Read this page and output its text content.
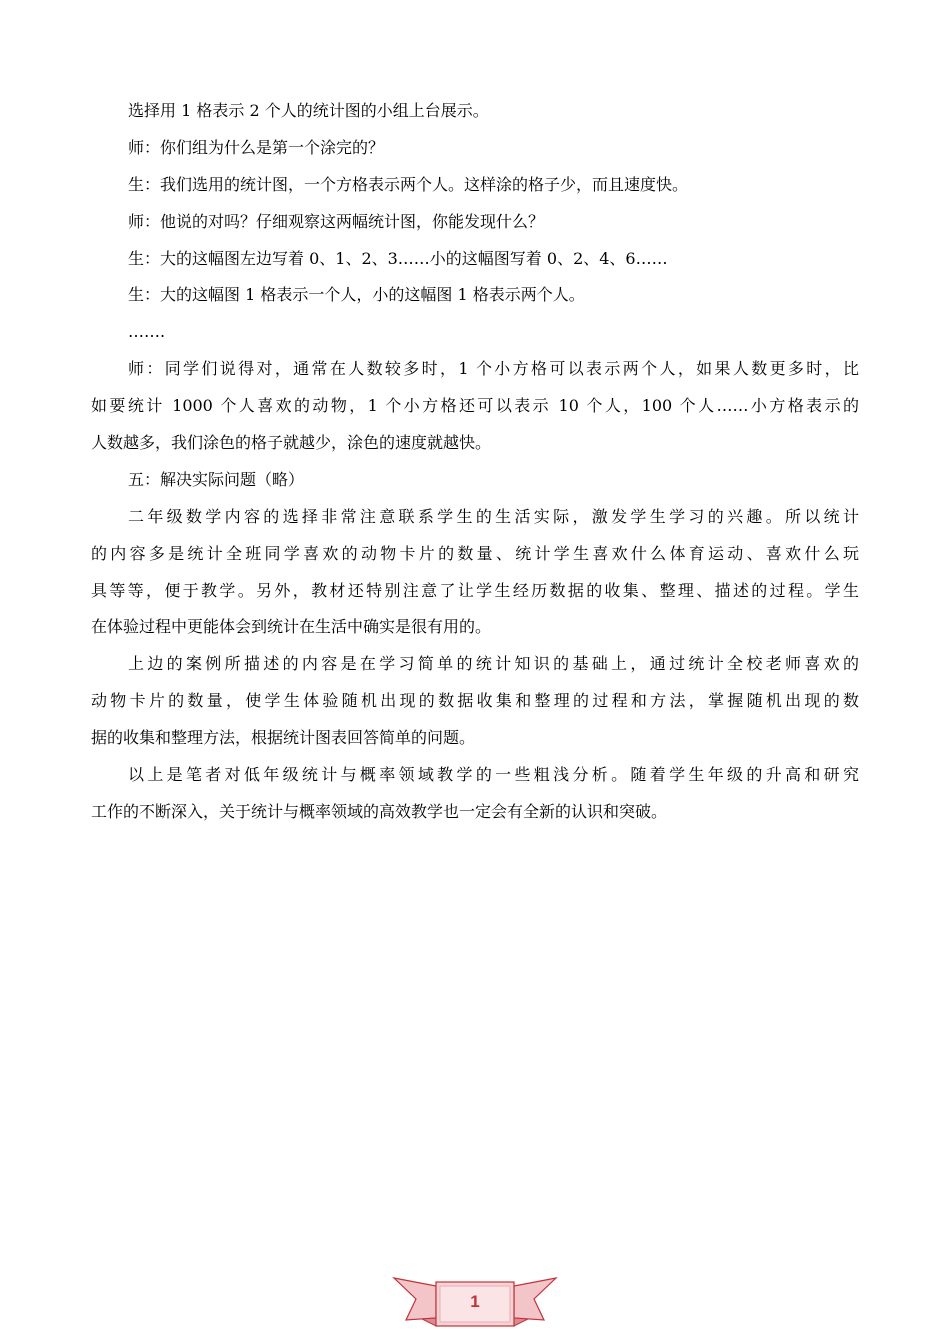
选择用 1 格表示 2 个人的统计图的小组上台展示。
师：你们组为什么是第一个涂完的？
生：我们选用的统计图，一个方格表示两个人。这样涂的格子少，而且速度快。
师：他说的对吗？仔细观察这两幅统计图，你能发现什么？
生：大的这幅图左边写着 0、1、2、3……小的这幅图写着 0、2、4、6……
生：大的这幅图 1 格表示一个人，小的这幅图 1 格表示两个人。
…….
师：同学们说得对，通常在人数较多时，1 个小方格可以表示两个人，如果人数更多时，比
如要统计 1000 个人喜欢的动物，1 个小方格还可以表示 10 个人，100 个人……小方格表示的
人数越多，我们涂色的格子就越少，涂色的速度就越快。
五：解决实际问题（略）
二年级数学内容的选择非常注意联系学生的生活实际，激发学生学习的兴趣。所以统计
的内容多是统计全班同学喜欢的动物卡片的数量、统计学生喜欢什么体育运动、喜欢什么玩
具等等，便于教学。另外，教材还特别注意了让学生经历数据的收集、整理、描述的过程。学生
在体验过程中更能体会到统计在生活中确实是很有用的。
上边的案例所描述的内容是在学习简单的统计知识的基础上，通过统计全校老师喜欢的
动物卡片的数量，使学生体验随机出现的数据收集和整理的过程和方法，掌握随机出现的数
据的收集和整理方法，根据统计图表回答简单的问题。
以上是笔者对低年级统计与概率领域教学的一些粗浅分析。随着学生年级的升高和研究
工作的不断深入，关于统计与概率领域的高效教学也一定会有全新的认识和突破。
1
